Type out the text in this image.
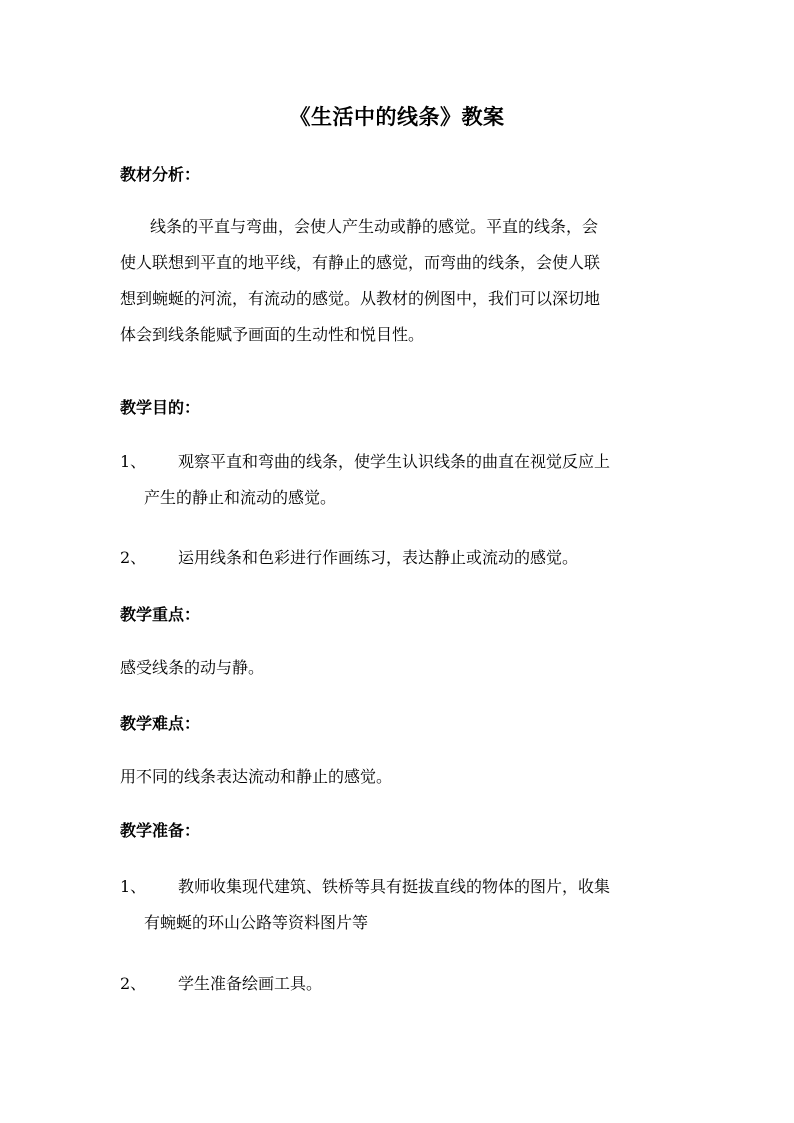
《生活中的线条》教案
教材分析：
线条的平直与弯曲，会使人产生动或静的感觉。平直的线条，会
使人联想到平直的地平线，有静止的感觉，而弯曲的线条，会使人联
想到蜿蜒的河流，有流动的感觉。从教材的例图中，我们可以深切地
体会到线条能赋予画面的生动性和悦目性。
教学目的：
1、	观察平直和弯曲的线条，使学生认识线条的曲直在视觉反应上
产生的静止和流动的感觉。
2、	运用线条和色彩进行作画练习，表达静止或流动的感觉。
教学重点：
感受线条的动与静。
教学难点：
用不同的线条表达流动和静止的感觉。
教学准备：
1、	教师收集现代建筑、铁桥等具有挺拔直线的物体的图片，收集
有蜿蜒的环山公路等资料图片等
2、	学生准备绘画工具。
